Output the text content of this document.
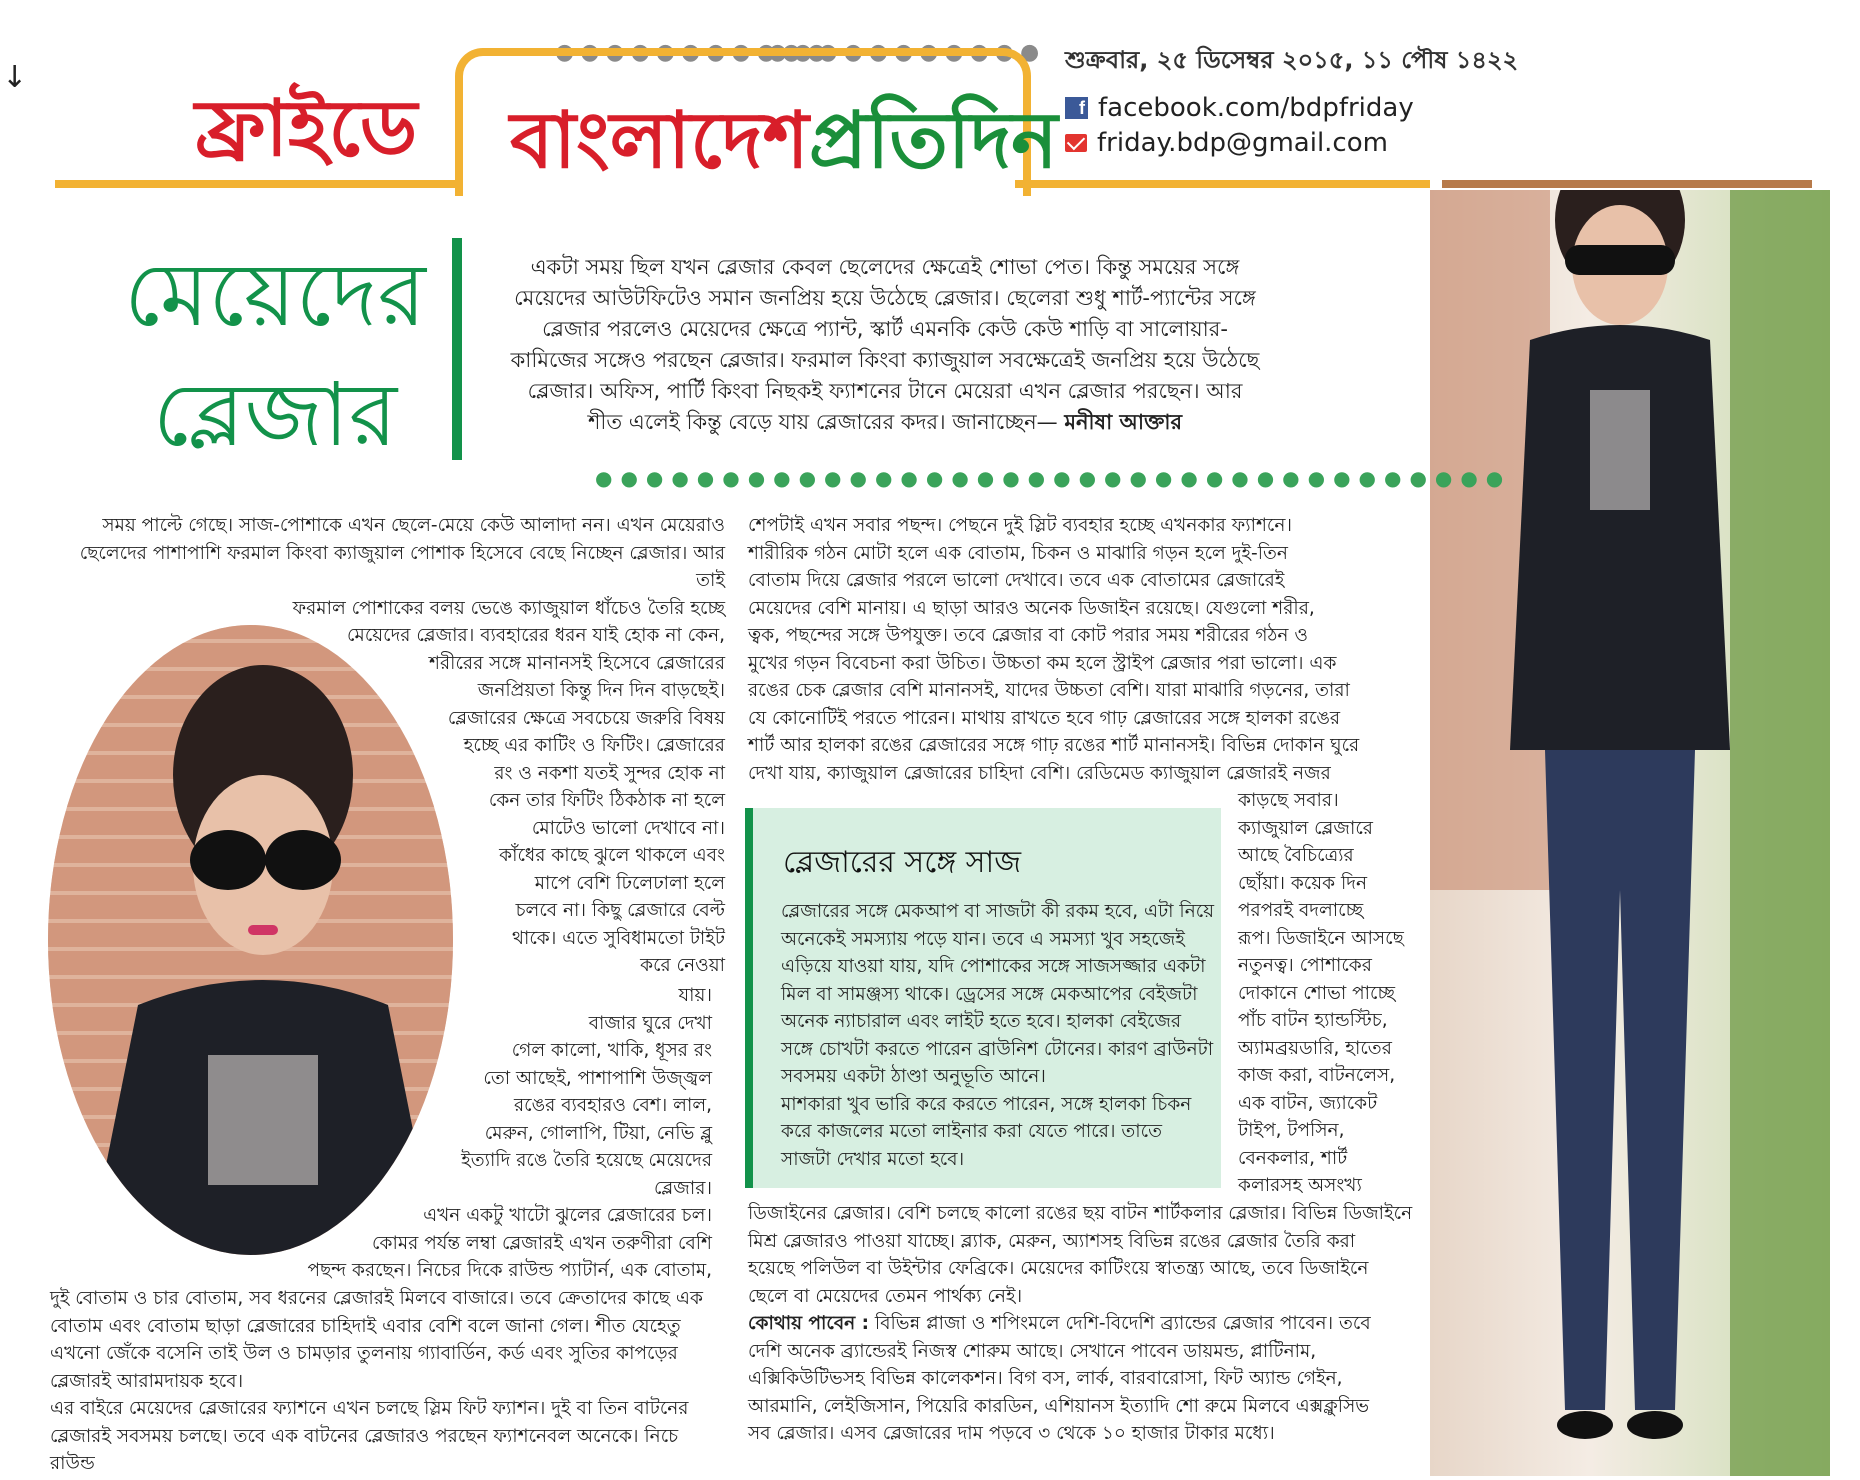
↓
●●●●●●●●●●●
●●●●●●●●●●●
ফ্রাইডে বাংলাদেশপ্রতিদিন
শুক্রবার, ২৫ ডিসেম্বর ২০১৫, ১১ পৌষ ১৪২২
f facebook.com/bdpfriday
friday.bdp@gmail.com
মেয়েদের
ব্লেজার
একটা সময় ছিল যখন ব্লেজার কেবল ছেলেদের ক্ষেত্রেই শোভা পেত। কিন্তু সময়ের সঙ্গে
মেয়েদের আউটফিটেও সমান জনপ্রিয় হয়ে উঠেছে ব্লেজার। ছেলেরা শুধু শার্ট-প্যান্টের সঙ্গে
ব্লেজার পরলেও মেয়েদের ক্ষেত্রে প্যান্ট, স্কার্ট এমনকি কেউ কেউ শাড়ি বা সালোয়ার-
কামিজের সঙ্গেও পরছেন ব্লেজার। ফরমাল কিংবা ক্যাজুয়াল সবক্ষেত্রেই জনপ্রিয় হয়ে উঠেছে
ব্লেজার। অফিস, পার্টি কিংবা নিছকই ফ্যাশনের টানে মেয়েরা এখন ব্লেজার পরছেন। আর
শীত এলেই কিন্তু বেড়ে যায় ব্লেজারের কদর। জানাচ্ছেন— মনীষা আক্তার
●●●●●●●●●●●●●●●●●●●●●●●●●●●●●●●●●●●●

সময় পাল্টে গেছে। সাজ-পোশাকে এখন ছেলে-মেয়ে কেউ আলাদা নন। এখন মেয়েরাও

ছেলেদের পাশাপাশি ফরমাল কিংবা ক্যাজুয়াল পোশাক হিসেবে বেছে নিচ্ছেন ব্লেজার। আর তাই

ফরমাল পোশাকের বলয় ভেঙে ক্যাজুয়াল ধাঁচেও তৈরি হচ্ছে

মেয়েদের ব্লেজার। ব্যবহারের ধরন যাই হোক না কেন,

শরীরের সঙ্গে মানানসই হিসেবে ব্লেজারের

জনপ্রিয়তা কিন্তু দিন দিন বাড়ছেই।

ব্লেজারের ক্ষেত্রে সবচেয়ে জরুরি বিষয়

হচ্ছে এর কাটিং ও ফিটিং। ব্লেজারের

রং ও নকশা যতই সুন্দর হোক না

কেন তার ফিটিং ঠিকঠাক না হলে

মোটেও ভালো দেখাবে না।

কাঁধের কাছে ঝুলে থাকলে এবং

মাপে বেশি ঢিলেঢালা হলে

চলবে না। কিছু ব্লেজারে বেল্ট

থাকে। এতে সুবিধামতো টাইট

করে নেওয়া

যায়।

বাজার ঘুরে দেখা

গেল কালো, খাকি, ধূসর রং

তো আছেই, পাশাপাশি উজ্জ্বল

রঙের ব্যবহারও বেশ। লাল,

মেরুন, গোলাপি, টিয়া, নেভি ব্লু

ইত্যাদি রঙে তৈরি হয়েছে মেয়েদের

ব্লেজার।

এখন একটু খাটো ঝুলের ব্লেজারের চল।

কোমর পর্যন্ত লম্বা ব্লেজারই এখন তরুণীরা বেশি

পছন্দ করছেন। নিচের দিকে রাউন্ড প্যাটার্ন, এক বোতাম,

দুই বোতাম ও চার বোতাম, সব ধরনের ব্লেজারই মিলবে বাজারে। তবে ক্রেতাদের কাছে এক

বোতাম এবং বোতাম ছাড়া ব্লেজারের চাহিদাই এবার বেশি বলে জানা গেল। শীত যেহেতু

এখনো জেঁকে বসেনি তাই উল ও চামড়ার তুলনায় গ্যাবার্ডিন, কর্ড এবং সুতির কাপড়ের

ব্লেজারই আরামদায়ক হবে।

এর বাইরে মেয়েদের ব্লেজারের ফ্যাশনে এখন চলছে স্লিম ফিট ফ্যাশন। দুই বা তিন বাটনের

ব্লেজারই সবসময় চলছে। তবে এক বাটনের ব্লেজারও পরছেন ফ্যাশনেবল অনেকে। নিচে রাউন্ড

শেপটাই এখন সবার পছন্দ। পেছনে দুই স্লিট ব্যবহার হচ্ছে এখনকার ফ্যাশনে।

শারীরিক গঠন মোটা হলে এক বোতাম, চিকন ও মাঝারি গড়ন হলে দুই-তিন

বোতাম দিয়ে ব্লেজার পরলে ভালো দেখাবে। তবে এক বোতামের ব্লেজারেই

মেয়েদের বেশি মানায়। এ ছাড়া আরও অনেক ডিজাইন রয়েছে। যেগুলো শরীর,

ত্বক, পছন্দের সঙ্গে উপযুক্ত। তবে ব্লেজার বা কোট পরার সময় শরীরের গঠন ও

মুখের গড়ন বিবেচনা করা উচিত। উচ্চতা কম হলে স্ট্রাইপ ব্লেজার পরা ভালো। এক

রঙের চেক ব্লেজার বেশি মানানসই, যাদের উচ্চতা বেশি। যারা মাঝারি গড়নের, তারা

যে কোনোটিই পরতে পারেন। মাথায় রাখতে হবে গাঢ় ব্লেজারের সঙ্গে হালকা রঙের

শার্ট আর হালকা রঙের ব্লেজারের সঙ্গে গাঢ় রঙের শার্ট মানানসই। বিভিন্ন দোকান ঘুরে

দেখা যায়, ক্যাজুয়াল ব্লেজারের চাহিদা বেশি। রেডিমেড ক্যাজুয়াল ব্লেজারই নজর

কাড়ছে সবার।

ক্যাজুয়াল ব্লেজারে

আছে বৈচিত্র্যের

ছোঁয়া। কয়েক দিন

পরপরই বদলাচ্ছে

রূপ। ডিজাইনে আসছে

নতুনত্ব। পোশাকের

দোকানে শোভা পাচ্ছে

পাঁচ বাটন হ্যান্ডস্টিচ,

অ্যামব্রয়ডারি, হাতের

কাজ করা, বাটনলেস,

এক বাটন, জ্যাকেট

টাইপ, টপসিন,

বেনকলার, শার্ট

কলারসহ অসংখ্য

ব্লেজারের সঙ্গে সাজ
ব্লেজারের সঙ্গে মেকআপ বা সাজটা কী রকম হবে, এটা নিয়ে
অনেকেই সমস্যায় পড়ে যান। তবে এ সমস্যা খুব সহজেই
এড়িয়ে যাওয়া যায়, যদি পোশাকের সঙ্গে সাজসজ্জার একটা
মিল বা সামঞ্জস্য থাকে। ড্রেসের সঙ্গে মেকআপের বেইজটা
অনেক ন্যাচারাল এবং লাইট হতে হবে। হালকা বেইজের
সঙ্গে চোখটা করতে পারেন ব্রাউনিশ টোনের। কারণ ব্রাউনটা
সবসময় একটা ঠাণ্ডা অনুভূতি আনে।
মাশকারা খুব ভারি করে করতে পারেন, সঙ্গে হালকা চিকন
করে কাজলের মতো লাইনার করা যেতে পারে। তাতে
সাজটা দেখার মতো হবে।

ডিজাইনের ব্লেজার। বেশি চলছে কালো রঙের ছয় বাটন শার্টকলার ব্লেজার। বিভিন্ন ডিজাইনে

মিশ্র ব্লেজারও পাওয়া যাচ্ছে। ব্ল্যাক, মেরুন, অ্যাশসহ বিভিন্ন রঙের ব্লেজার তৈরি করা

হয়েছে পলিউল বা উইন্টার ফেব্রিকে। মেয়েদের কাটিংয়ে স্বাতন্ত্র্য আছে, তবে ডিজাইনে

ছেলে বা মেয়েদের তেমন পার্থক্য নেই।

কোথায় পাবেন : বিভিন্ন প্লাজা ও শপিংমলে দেশি-বিদেশি ব্র্যান্ডের ব্লেজার পাবেন। তবে

দেশি অনেক ব্র্যান্ডেরই নিজস্ব শোরুম আছে। সেখানে পাবেন ডায়মন্ড, প্লাটিনাম,

এক্সিকিউটিভসহ বিভিন্ন কালেকশন। বিগ বস, লার্ক, বারবারোসা, ফিট অ্যান্ড গেইন,

আরমানি, লেইজিসান, পিয়েরি কারডিন, এশিয়ানস ইত্যাদি শো রুমে মিলবে এক্সক্লুসিভ

সব ব্লেজার। এসব ব্লেজারের দাম পড়বে ৩ থেকে ১০ হাজার টাকার মধ্যে।
